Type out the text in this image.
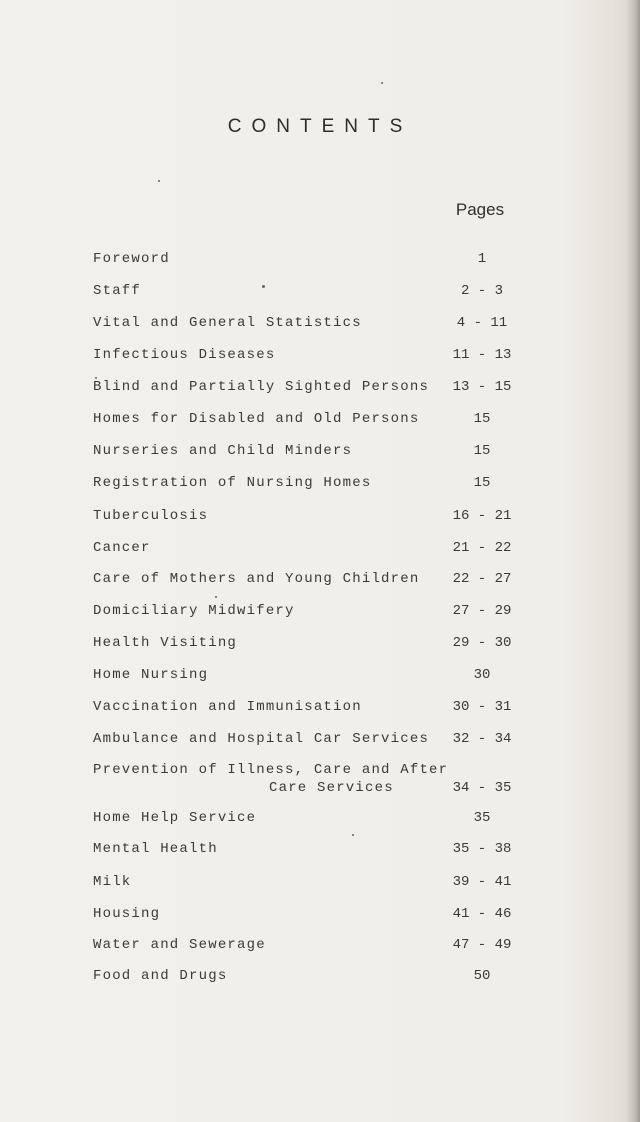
CONTENTS
Pages
Foreword	1
Staff	2 - 3
Vital and General Statistics	4 - 11
Infectious Diseases	11 - 13
Blind and Partially Sighted Persons	13 - 15
Homes for Disabled and Old Persons	15
Nurseries and Child Minders	15
Registration of Nursing Homes	15
Tuberculosis	16 - 21
Cancer	21 - 22
Care of Mothers and Young Children	22 - 27
Domiciliary Midwifery	27 - 29
Health Visiting	29 - 30
Home Nursing	30
Vaccination and Immunisation	30 - 31
Ambulance and Hospital Car Services	32 - 34
Prevention of Illness, Care and After
Care Services	34 - 35
Home Help Service	35
Mental Health	35 - 38
Milk	39 - 41
Housing	41 - 46
Water and Sewerage	47 - 49
Food and Drugs	50
